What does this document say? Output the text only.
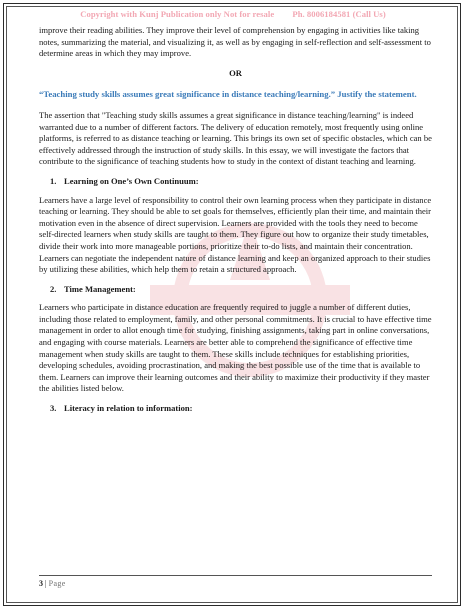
Copyright with Kunj Publication only Not for resale Ph. 8006184581 (Call Us)

improve their reading abilities. They improve their level of comprehension by engaging in activities like taking notes, summarizing the material, and visualizing it, as well as by engaging in self-reflection and self-assessment to determine areas in which they may improve.

OR

“Teaching study skills assumes great significance in distance teaching/learning.” Justify the statement.

The assertion that "Teaching study skills assumes a great significance in distance teaching/learning" is indeed warranted due to a number of different factors. The delivery of education remotely, most frequently using online platforms, is referred to as distance teaching or learning. This brings its own set of specific obstacles, which can be effectively addressed through the instruction of study skills. In this essay, we will investigate the factors that contribute to the significance of teaching students how to study in the context of distant teaching and learning.

1. Learning on One’s Own Continuum:

Learners have a large level of responsibility to control their own learning process when they participate in distance teaching or learning. They should be able to set goals for themselves, efficiently plan their time, and maintain their motivation even in the absence of direct supervision. Learners are provided with the tools they need to become self-directed learners when study skills are taught to them. They figure out how to organize their study timetables, divide their work into more manageable portions, prioritize their to-do lists, and maintain their concentration. Learners can negotiate the independent nature of distance learning and keep an organized approach to their studies by utilizing these abilities, which help them to retain a structured approach.

2. Time Management:

Learners who participate in distance education are frequently required to juggle a number of different duties, including those related to employment, family, and other personal commitments. It is crucial to have effective time management in order to allot enough time for studying, finishing assignments, taking part in online conversations, and engaging with course materials. Learners are better able to comprehend the significance of effective time management when study skills are taught to them. These skills include techniques for establishing priorities, developing schedules, avoiding procrastination, and making the best possible use of the time that is available to them. Learners can improve their learning outcomes and their ability to maximize their productivity if they master the abilities listed below.

3. Literacy in relation to information:

3 | Page
